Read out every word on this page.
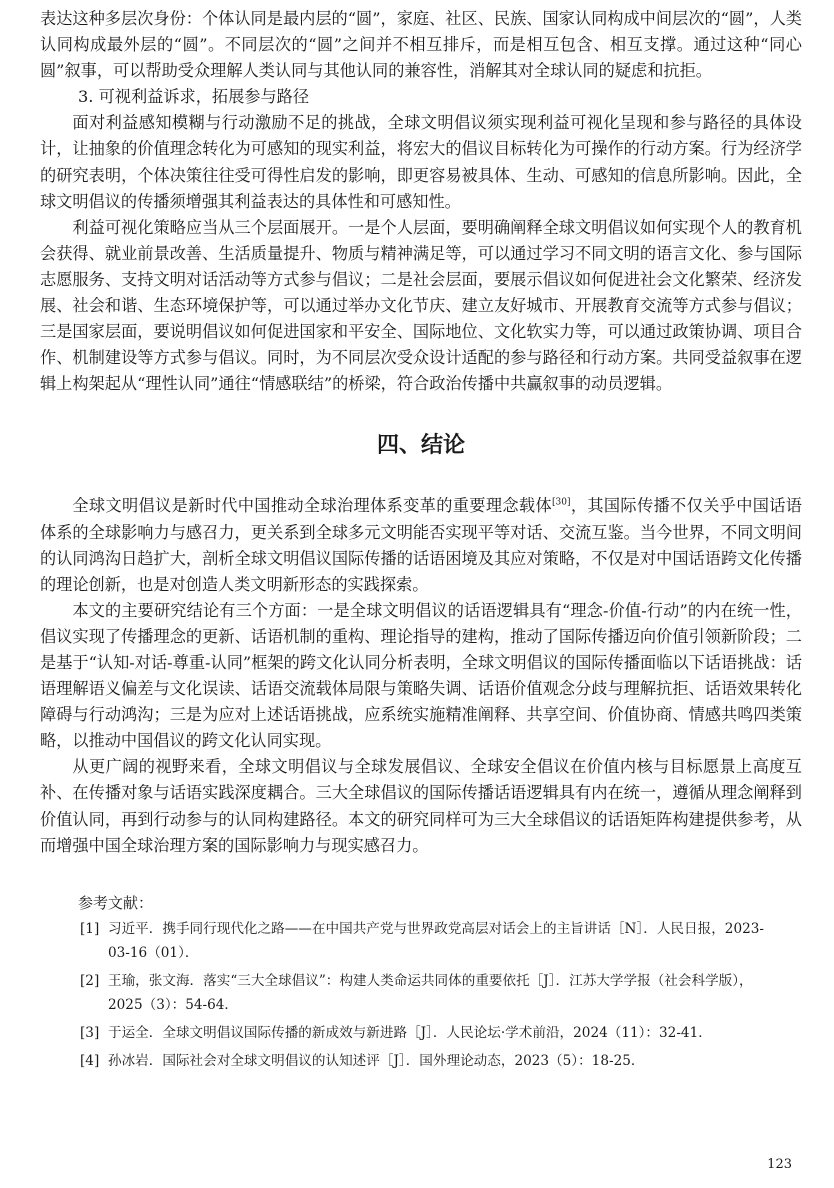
表达这种多层次身份：个体认同是最内层的“圆”，家庭、社区、民族、国家认同构成中间层次的“圆”，人类认同构成最外层的“圆”。不同层次的“圆”之间并不相互排斥，而是相互包含、相互支撑。通过这种“同心圆”叙事，可以帮助受众理解人类认同与其他认同的兼容性，消解其对全球认同的疑虑和抗拒。

3. 可视利益诉求，拓展参与路径

面对利益感知模糊与行动激励不足的挑战，全球文明倡议须实现利益可视化呈现和参与路径的具体设计，让抽象的价值理念转化为可感知的现实利益，将宏大的倡议目标转化为可操作的行动方案。行为经济学的研究表明，个体决策往往受可得性启发的影响，即更容易被具体、生动、可感知的信息所影响。因此，全球文明倡议的传播须增强其利益表达的具体性和可感知性。

利益可视化策略应当从三个层面展开。一是个人层面，要明确阐释全球文明倡议如何实现个人的教育机会获得、就业前景改善、生活质量提升、物质与精神满足等，可以通过学习不同文明的语言文化、参与国际志愿服务、支持文明对话活动等方式参与倡议；二是社会层面，要展示倡议如何促进社会文化繁荣、经济发展、社会和谐、生态环境保护等，可以通过举办文化节庆、建立友好城市、开展教育交流等方式参与倡议；三是国家层面，要说明倡议如何促进国家和平安全、国际地位、文化软实力等，可以通过政策协调、项目合作、机制建设等方式参与倡议。同时，为不同层次受众设计适配的参与路径和行动方案。共同受益叙事在逻辑上构架起从“理性认同”通往“情感联结”的桥梁，符合政治传播中共赢叙事的动员逻辑。

四、结论

全球文明倡议是新时代中国推动全球治理体系变革的重要理念载体[30]，其国际传播不仅关乎中国话语体系的全球影响力与感召力，更关系到全球多元文明能否实现平等对话、交流互鉴。当今世界，不同文明间的认同鸿沟日趋扩大，剖析全球文明倡议国际传播的话语困境及其应对策略，不仅是对中国话语跨文化传播的理论创新，也是对创造人类文明新形态的实践探索。

本文的主要研究结论有三个方面：一是全球文明倡议的话语逻辑具有“理念-价值-行动”的内在统一性，倡议实现了传播理念的更新、话语机制的重构、理论指导的建构，推动了国际传播迈向价值引领新阶段；二是基于“认知-对话-尊重-认同”框架的跨文化认同分析表明，全球文明倡议的国际传播面临以下话语挑战：话语理解语义偏差与文化误读、话语交流载体局限与策略失调、话语价值观念分歧与理解抗拒、话语效果转化障碍与行动鸿沟；三是为应对上述话语挑战，应系统实施精准阐释、共享空间、价值协商、情感共鸣四类策略，以推动中国倡议的跨文化认同实现。

从更广阔的视野来看，全球文明倡议与全球发展倡议、全球安全倡议在价值内核与目标愿景上高度互补、在传播对象与话语实践深度耦合。三大全球倡议的国际传播话语逻辑具有内在统一，遵循从理念阐释到价值认同，再到行动参与的认同构建路径。本文的研究同样可为三大全球倡议的话语矩阵构建提供参考，从而增强中国全球治理方案的国际影响力与现实感召力。

参考文献：

[1] 习近平．携手同行现代化之路——在中国共产党与世界政党高层对话会上的主旨讲话［N］．人民日报，2023-03-16（01）．
[2] 王瑜，张文海．落实“三大全球倡议”：构建人类命运共同体的重要依托［J］．江苏大学学报（社会科学版），2025（3）：54-64．
[3] 于运全．全球文明倡议国际传播的新成效与新进路［J］．人民论坛·学术前沿，2024（11）：32-41．
[4] 孙冰岩．国际社会对全球文明倡议的认知述评［J］．国外理论动态，2023（5）：18-25．
123
